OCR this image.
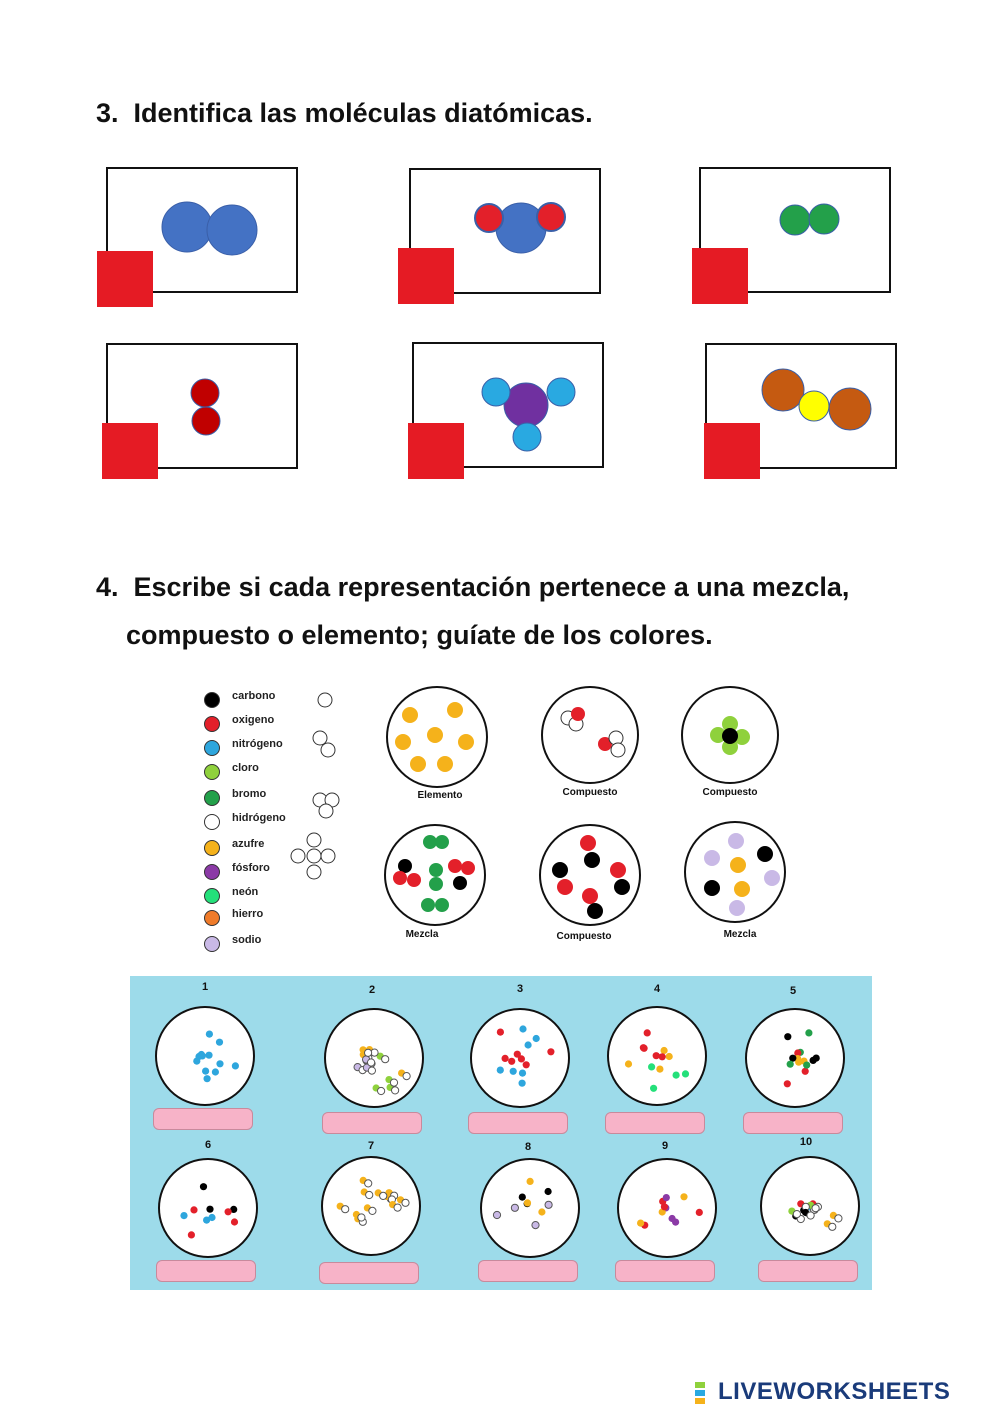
3. Identifica las moléculas diatómicas.
4. Escribe si cada representación pertenece a una mezcla,
compuesto o elemento; guíate de los colores.
carbono
oxigeno
nitrógeno
cloro
bromo
hidrógeno
azufre
fósforo
neón
hierro
sodio
Elemento	Compuesto	Compuesto
Mezcla	Compuesto	Mezcla
1	2	3	4	5
6	7	8	9	10
LIVEWORKSHEETS
